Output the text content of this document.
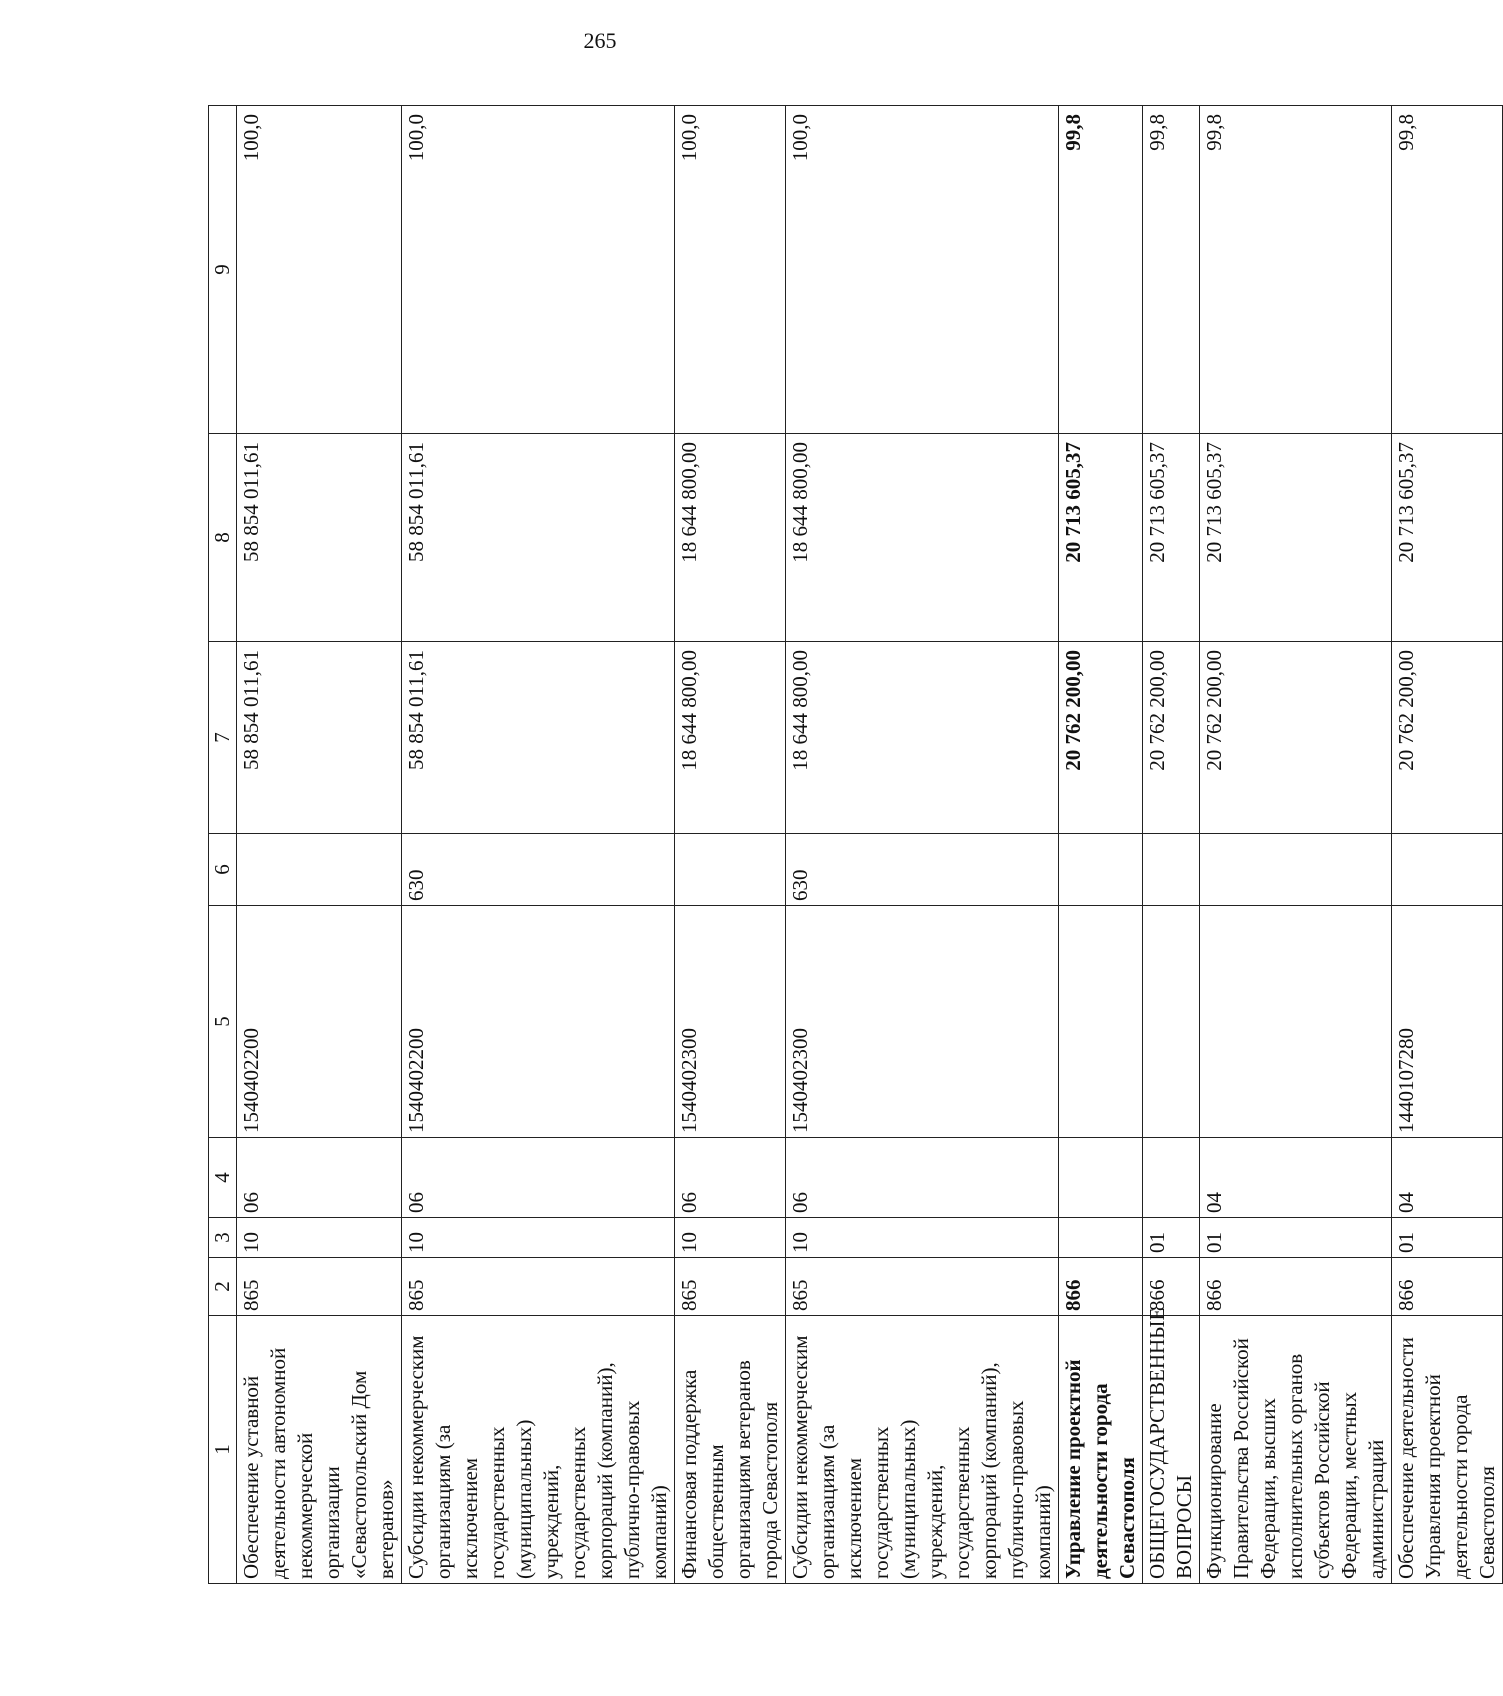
265
1	2	3	4	5	6	7	8	9
Обеспечение уставной деятельности автономной некоммерческой организации «Севастопольский Дом ветеранов»	865	10	06	1540402200		58 854 011,61	58 854 011,61	100,0
Субсидии некоммерческим организациям (за исключением государственных (муниципальных) учреждений, государственных корпораций (компаний), публично-правовых компаний)	865	10	06	1540402200	630	58 854 011,61	58 854 011,61	100,0
Финансовая поддержка общественным организациям ветеранов города Севастополя	865	10	06	1540402300		18 644 800,00	18 644 800,00	100,0
Субсидии некоммерческим организациям (за исключением государственных (муниципальных) учреждений, государственных корпораций (компаний), публично-правовых компаний)	865	10	06	1540402300	630	18 644 800,00	18 644 800,00	100,0
Управление проектной деятельности города Севастополя	866					20 762 200,00	20 713 605,37	99,8
ОБЩЕГОСУДАРСТВЕННЫЕ ВОПРОСЫ	866	01				20 762 200,00	20 713 605,37	99,8
Функционирование Правительства Российской Федерации, высших исполнительных органов субъектов Российской Федерации, местных администраций	866	01	04			20 762 200,00	20 713 605,37	99,8
Обеспечение деятельности Управления проектной деятельности города Севастополя	866	01	04	1440107280		20 762 200,00	20 713 605,37	99,8
